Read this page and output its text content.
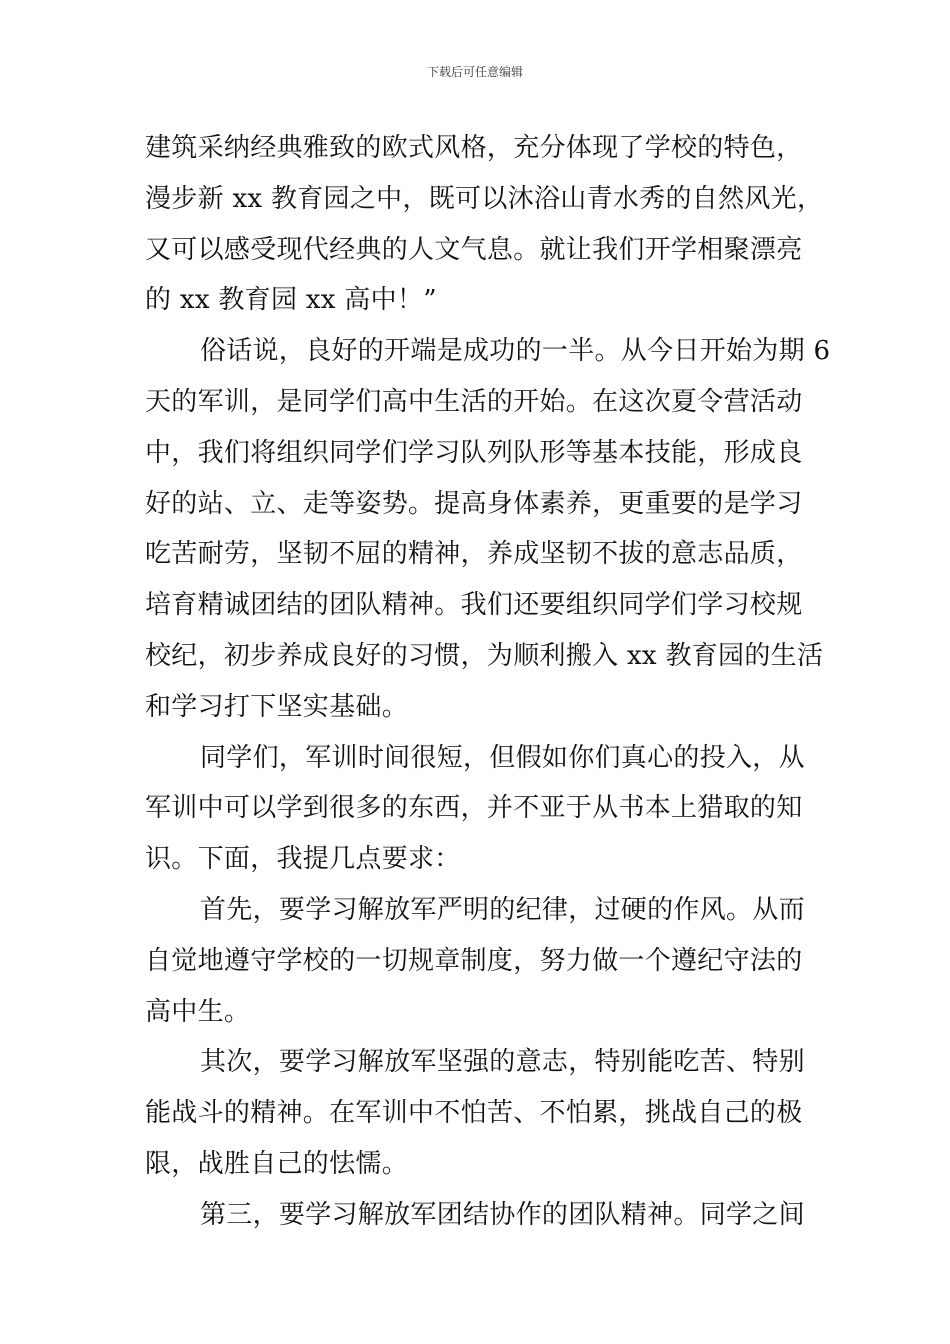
下载后可任意编辑
建筑采纳经典雅致的欧式风格，充分体现了学校的特色，
漫步新 xx 教育园之中，既可以沐浴山青水秀的自然风光，
又可以感受现代经典的人文气息。就让我们开学相聚漂亮
的 xx 教育园 xx 高中！”
俗话说，良好的开端是成功的一半。从今日开始为期 6
天的军训，是同学们高中生活的开始。在这次夏令营活动
中，我们将组织同学们学习队列队形等基本技能，形成良
好的站、立、走等姿势。提高身体素养，更重要的是学习
吃苦耐劳，坚韧不屈的精神，养成坚韧不拔的意志品质，
培育精诚团结的团队精神。我们还要组织同学们学习校规
校纪，初步养成良好的习惯，为顺利搬入 xx 教育园的生活
和学习打下坚实基础。
同学们，军训时间很短，但假如你们真心的投入，从
军训中可以学到很多的东西，并不亚于从书本上猎取的知
识。下面，我提几点要求：
首先，要学习解放军严明的纪律，过硬的作风。从而
自觉地遵守学校的一切规章制度，努力做一个遵纪守法的
高中生。
其次，要学习解放军坚强的意志，特别能吃苦、特别
能战斗的精神。在军训中不怕苦、不怕累，挑战自己的极
限，战胜自己的怯懦。
第三，要学习解放军团结协作的团队精神。同学之间
